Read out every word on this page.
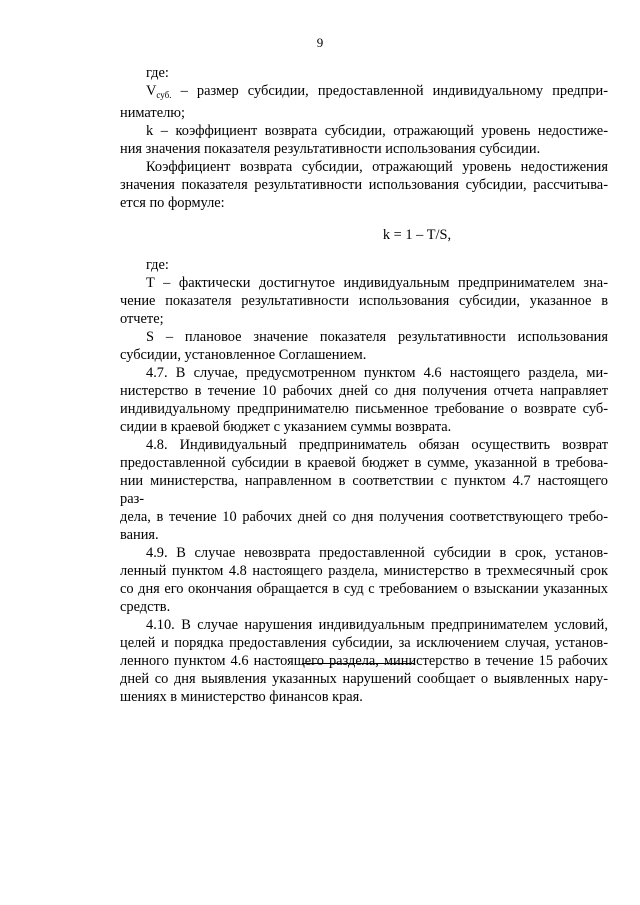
9

где:

$V_{суб.}$ – размер субсидии, предоставленной индивидуальному предпри-
нимателю;

k – коэффициент возврата субсидии, отражающий уровень недостиже-
ния значения показателя результативности использования субсидии.

Коэффициент возврата субсидии, отражающий уровень недостижения
значения показателя результативности использования субсидии, рассчитыва-
ется по формуле:

k = 1 – T/S,

где:

T – фактически достигнутое индивидуальным предпринимателем зна-
чение показателя результативности использования субсидии, указанное в отчете;

S – плановое значение показателя результативности использования
субсидии, установленное Соглашением.

4.7. В случае, предусмотренном пунктом 4.6 настоящего раздела, ми-
нистерство в течение 10 рабочих дней со дня получения отчета направляет
индивидуальному предпринимателю письменное требование о возврате суб-
сидии в краевой бюджет с указанием суммы возврата.

4.8. Индивидуальный предприниматель обязан осуществить возврат
предоставленной субсидии в краевой бюджет в сумме, указанной в требова-
нии министерства, направленном в соответствии с пунктом 4.7 настоящего раз-
дела, в течение 10 рабочих дней со дня получения соответствующего требо-
вания.

4.9. В случае невозврата предоставленной субсидии в срок, установ-
ленный пунктом 4.8 настоящего раздела, министерство в трехмесячный срок
со дня его окончания обращается в суд с требованием о взыскании указанных
средств.

4.10. В случае нарушения индивидуальным предпринимателем условий,
целей и порядка предоставления субсидии, за исключением случая, установ-
ленного пунктом 4.6 настоящего раздела, министерство в течение 15 рабочих
дней со дня выявления указанных нарушений сообщает о выявленных нару-
шениях в министерство финансов края.
